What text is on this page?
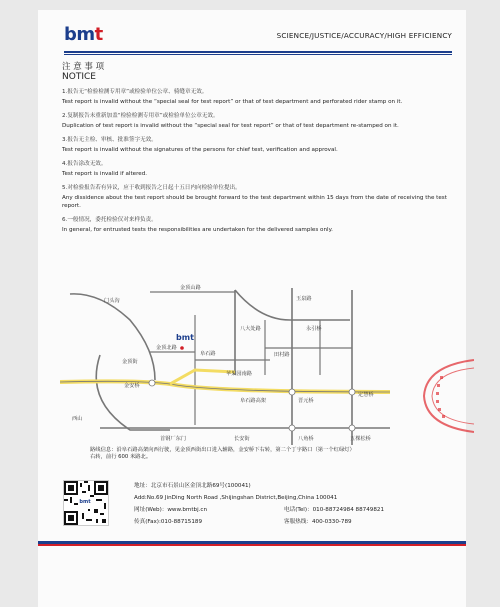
bmt	SCIENCE/JUSTICE/ACCURACY/HIGH EFFICIENCY
注 意 事 项
NOTICE

1.报告无“检验检测专用章”或检验单位公章、骑缝章无效。

Test report is invalid without the “special seal for test report” or that of test department and perforated rider stamp on it.

2.复制报告未重新加盖“检验检测专用章”或检验单位公章无效。

Duplication of test report is invalid without the “special seal for test report” or that of test department re-stamped on it.

3.报告无主检、审核、批准签字无效。

Test report is invalid without the signatures of the persons for chief test, verification and approval.

4.报告涂改无效。

Test report is invalid if altered.

5.对检验报告若有异议，应于收到报告之日起十五日内向检验单位提出。

Any dissidence about the test report should be brought forward to the test department within 15 days from the date of receiving the test report.

6.一般情况，委托检验仅对来样负责。

In general, for entrusted tests the responsibilities are undertaken for the delivered samples only.

bmt
门头沟
金顶山路
金顶北路
金顶街
金安桥
八大处路
玉泉路
永引桥
田村路
阜石路
苹果园南路
阜石路高架	晋元桥
定慧桥
首钢厂东门	长安街	八角桥	五棵松桥
西山
路线信息：沿阜石路高架向西行驶，见金顶西街出口进入辅路，金安桥下右转，第二个丁字路口（第一个红绿灯）
右转，前行 600 米路北。
bmt
地址：北京市石景山区金顶北路69号(100041)
Add:No.69 JinDing North Road ,Shijingshan District,Beijing,China 100041
网址(Web)：www.bmtbj.cn	电话(Tel)：010-88724984 88749821
传真(Fax):010-88715189	客服热线：400-0330-789
